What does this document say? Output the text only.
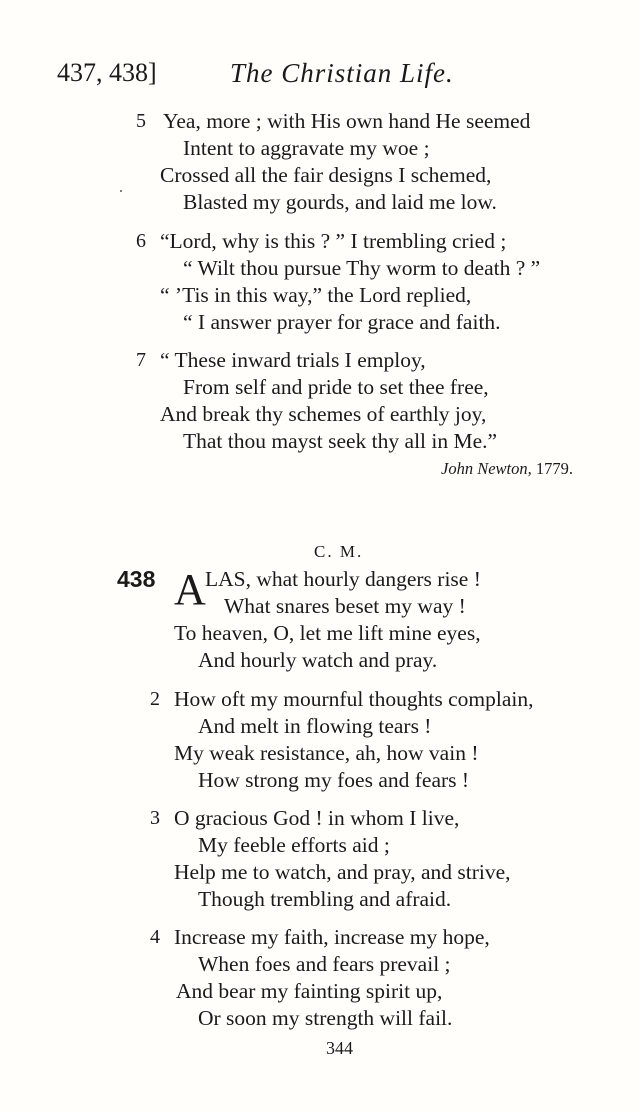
437, 438]	The Christian Life.
5 Yea, more ; with His own hand He seemed
Intent to aggravate my woe ;
Crossed all the fair designs I schemed,
Blasted my gourds, and laid me low.
6 “Lord, why is this ? ” I trembling cried ;
“ Wilt thou pursue Thy worm to death ? ”
“ ’Tis in this way,” the Lord replied,
“ I answer prayer for grace and faith.
7 “ These inward trials I employ,
From self and pride to set thee free,
And break thy schemes of earthly joy,
That thou mayst seek thy all in Me.”
John Newton, 1779.
C. M.
438 A LAS, what hourly dangers rise !
What snares beset my way !
To heaven, O, let me lift mine eyes,
And hourly watch and pray.
2 How oft my mournful thoughts complain,
And melt in flowing tears !
My weak resistance, ah, how vain !
How strong my foes and fears !
3 O gracious God ! in whom I live,
My feeble efforts aid ;
Help me to watch, and pray, and strive,
Though trembling and afraid.
4 Increase my faith, increase my hope,
When foes and fears prevail ;
And bear my fainting spirit up,
Or soon my strength will fail.
344
